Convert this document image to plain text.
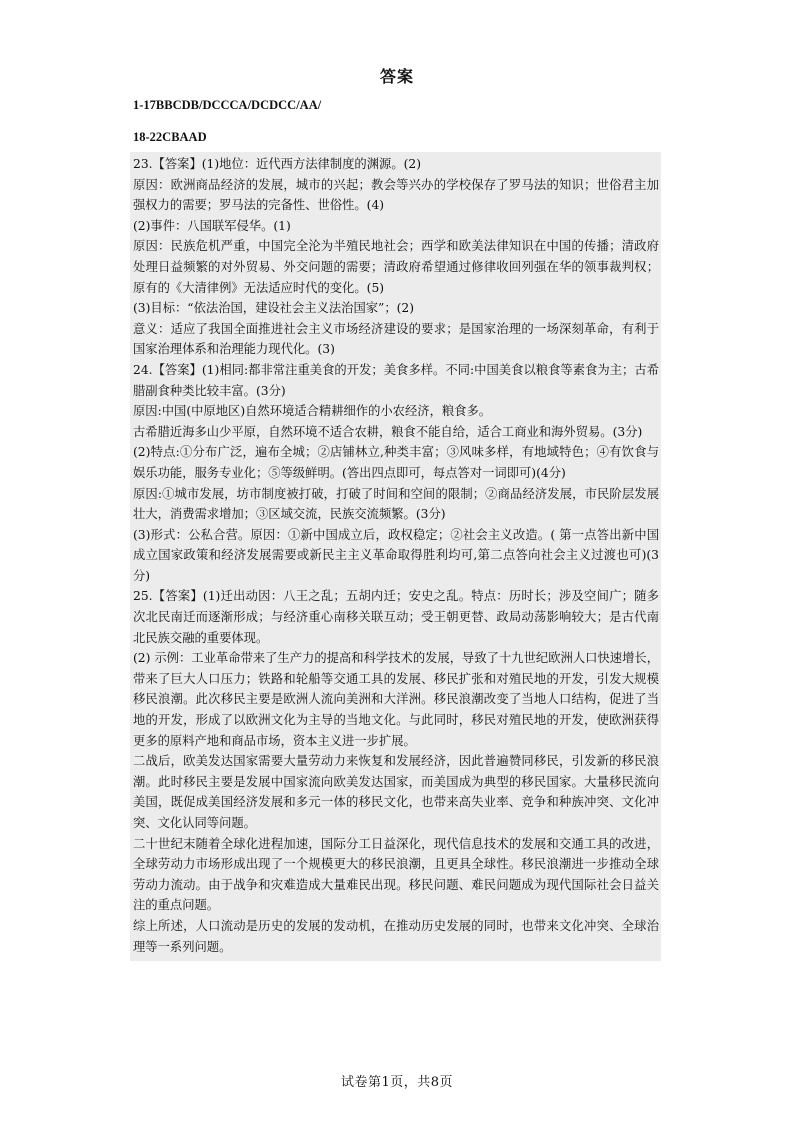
答案
1-17BBCDB/DCCCA/DCDCC/AA/
18-22CBAAD

23.【答案】(1)地位：近代西方法律制度的渊源。(2)

原因：欧洲商品经济的发展，城市的兴起；教会等兴办的学校保存了罗马法的知识；世俗君主加强权力的需要；罗马法的完备性、世俗性。(4)

(2)事件：八国联军侵华。(1)

原因：民族危机严重，中国完全沦为半殖民地社会；西学和欧美法律知识在中国的传播；清政府处理日益频繁的对外贸易、外交问题的需要；清政府希望通过修律收回列强在华的领事裁判权；原有的《大清律例》无法适应时代的变化。(5)

(3)目标：“依法治国，建设社会主义法治国家”；(2)

意义：适应了我国全面推进社会主义市场经济建设的要求；是国家治理的一场深刻革命，有利于国家治理体系和治理能力现代化。(3)

24.【答案】(1)相同:都非常注重美食的开发；美食多样。不同:中国美食以粮食等素食为主；古希腊副食种类比较丰富。(3分)

原因:中国(中原地区)自然环境适合精耕细作的小农经济，粮食多。

古希腊近海多山少平原，自然环境不适合农耕，粮食不能自给，适合工商业和海外贸易。(3分)

(2)特点:①分布广泛，遍布全城；②店铺林立,种类丰富；③风味多样，有地域特色；④有饮食与娱乐功能，服务专业化；⑤等级鲜明。(答出四点即可，每点答对一词即可)(4分)

原因:①城市发展，坊市制度被打破，打破了时间和空间的限制；②商品经济发展，市民阶层发展壮大，消费需求增加；③区域交流，民族交流频繁。(3分)

(3)形式：公私合营。原因：①新中国成立后，政权稳定；②社会主义改造。( 第一点答出新中国成立国家政策和经济发展需要或新民主主义革命取得胜利均可,第二点答向社会主义过渡也可)(3分)

25.【答案】(1)迁出动因：八王之乱；五胡内迁；安史之乱。特点：历时长；涉及空间广；随多次北民南迁而逐渐形成；与经济重心南移关联互动；受王朝更替、政局动荡影响较大；是古代南北民族交融的重要体现。

(2) 示例：工业革命带来了生产力的提高和科学技术的发展，导致了十九世纪欧洲人口快速增长，带来了巨大人口压力；铁路和轮船等交通工具的发展、移民扩张和对殖民地的开发，引发大规模移民浪潮。此次移民主要是欧洲人流向美洲和大洋洲。移民浪潮改变了当地人口结构，促进了当地的开发，形成了以欧洲文化为主导的当地文化。与此同时，移民对殖民地的开发，使欧洲获得更多的原料产地和商品市场，资本主义进一步扩展。

二战后，欧美发达国家需要大量劳动力来恢复和发展经济，因此普遍赞同移民，引发新的移民浪潮。此时移民主要是发展中国家流向欧美发达国家，而美国成为典型的移民国家。大量移民流向美国，既促成美国经济发展和多元一体的移民文化，也带来高失业率、竞争和种族冲突、文化冲突、文化认同等问题。

二十世纪末随着全球化进程加速，国际分工日益深化，现代信息技术的发展和交通工具的改进，全球劳动力市场形成出现了一个规模更大的移民浪潮，且更具全球性。移民浪潮进一步推动全球劳动力流动。由于战争和灾难造成大量难民出现。移民问题、难民问题成为现代国际社会日益关注的重点问题。

综上所述，人口流动是历史的发展的发动机，在推动历史发展的同时，也带来文化冲突、全球治理等一系列问题。

试卷第1页，共8页
